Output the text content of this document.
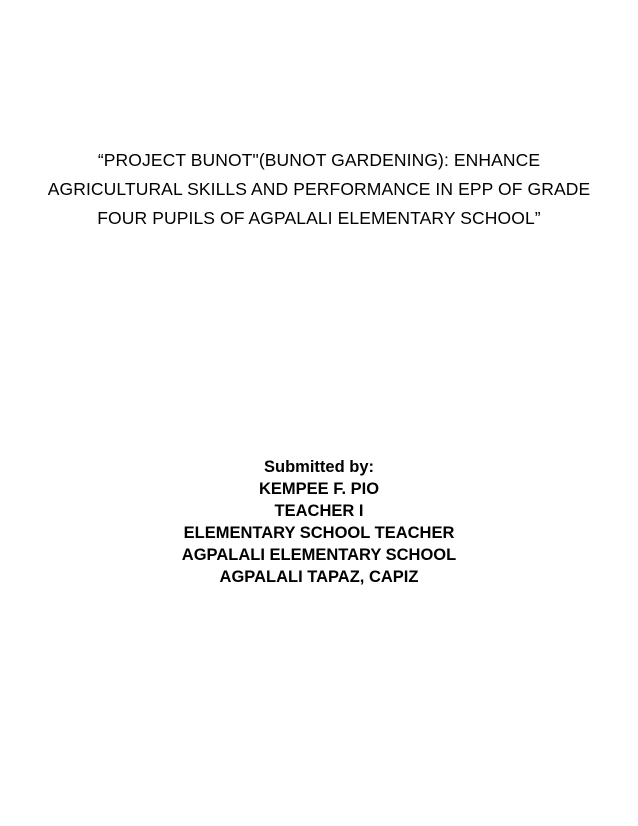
“PROJECT BUNOT"(BUNOT GARDENING): ENHANCE
AGRICULTURAL SKILLS AND PERFORMANCE IN EPP OF GRADE
FOUR PUPILS OF AGPALALI ELEMENTARY SCHOOL”
Submitted by:
KEMPEE F. PIO
TEACHER I
ELEMENTARY SCHOOL TEACHER
AGPALALI ELEMENTARY SCHOOL
AGPALALI TAPAZ, CAPIZ
